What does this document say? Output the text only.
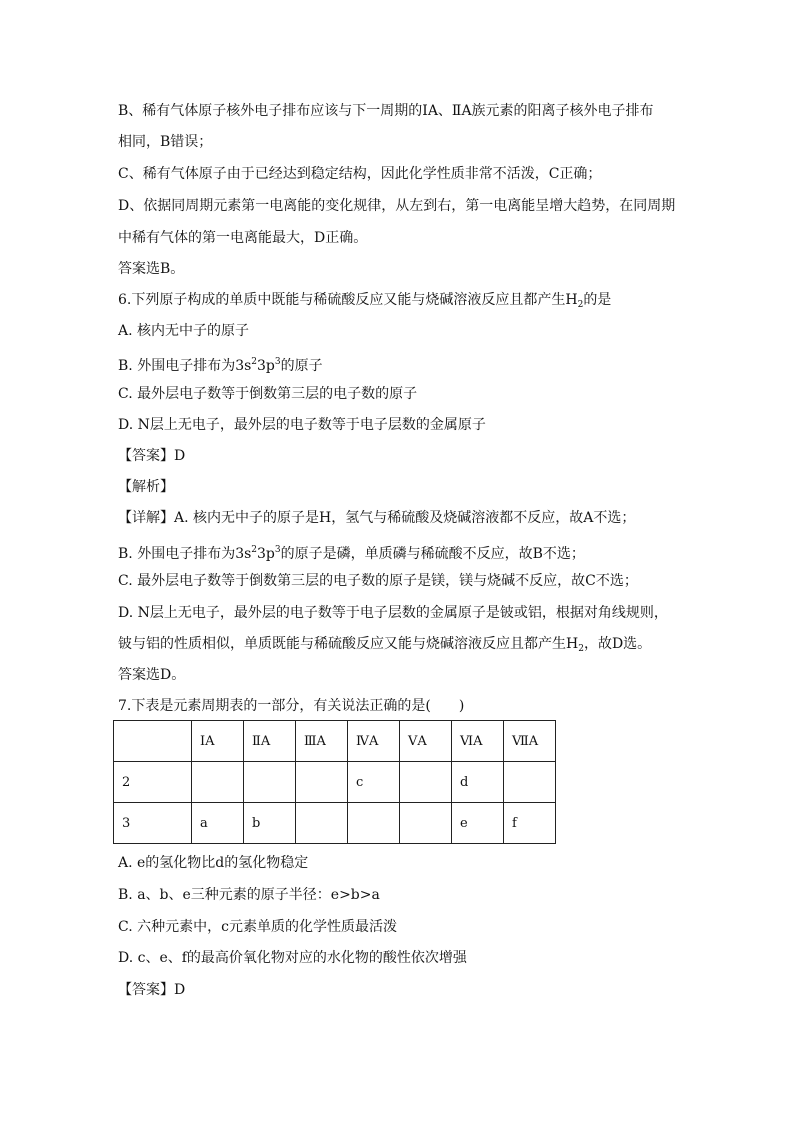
B、稀有气体原子核外电子排布应该与下一周期的ⅠA、ⅡA族元素的阳离子核外电子排布
相同，B错误；
C、稀有气体原子由于已经达到稳定结构，因此化学性质非常不活泼，C正确；
D、依据同周期元素第一电离能的变化规律，从左到右，第一电离能呈增大趋势，在同周期
中稀有气体的第一电离能最大，D正确。
答案选B。
6.下列原子构成的单质中既能与稀硫酸反应又能与烧碱溶液反应且都产生$H_2$的是
A. 核内无中子的原子
B. 外围电子排布为$3s^23p^3$的原子
C. 最外层电子数等于倒数第三层的电子数的原子
D. N层上无电子，最外层的电子数等于电子层数的金属原子
【答案】D
【解析】
【详解】A. 核内无中子的原子是H，氢气与稀硫酸及烧碱溶液都不反应，故A不选；
B. 外围电子排布为$3s^23p^3$的原子是磷，单质磷与稀硫酸不反应，故B不选；
C. 最外层电子数等于倒数第三层的电子数的原子是镁，镁与烧碱不反应，故C不选；
D. N层上无电子，最外层的电子数等于电子层数的金属原子是铍或铝，根据对角线规则，
铍与铝的性质相似，单质既能与稀硫酸反应又能与烧碱溶液反应且都产生$H_2$，故D选。
答案选D。
7.下表是元素周期表的一部分，有关说法正确的是(　　)
	ⅠA	ⅡA	ⅢA	ⅣA	ⅤA	ⅥA	ⅦA
2				c		d	
3	a	b				e	f
A. e的氢化物比d的氢化物稳定
B. a、b、e三种元素的原子半径：e>b>a
C. 六种元素中，c元素单质的化学性质最活泼
D. c、e、f的最高价氧化物对应的水化物的酸性依次增强
【答案】D
